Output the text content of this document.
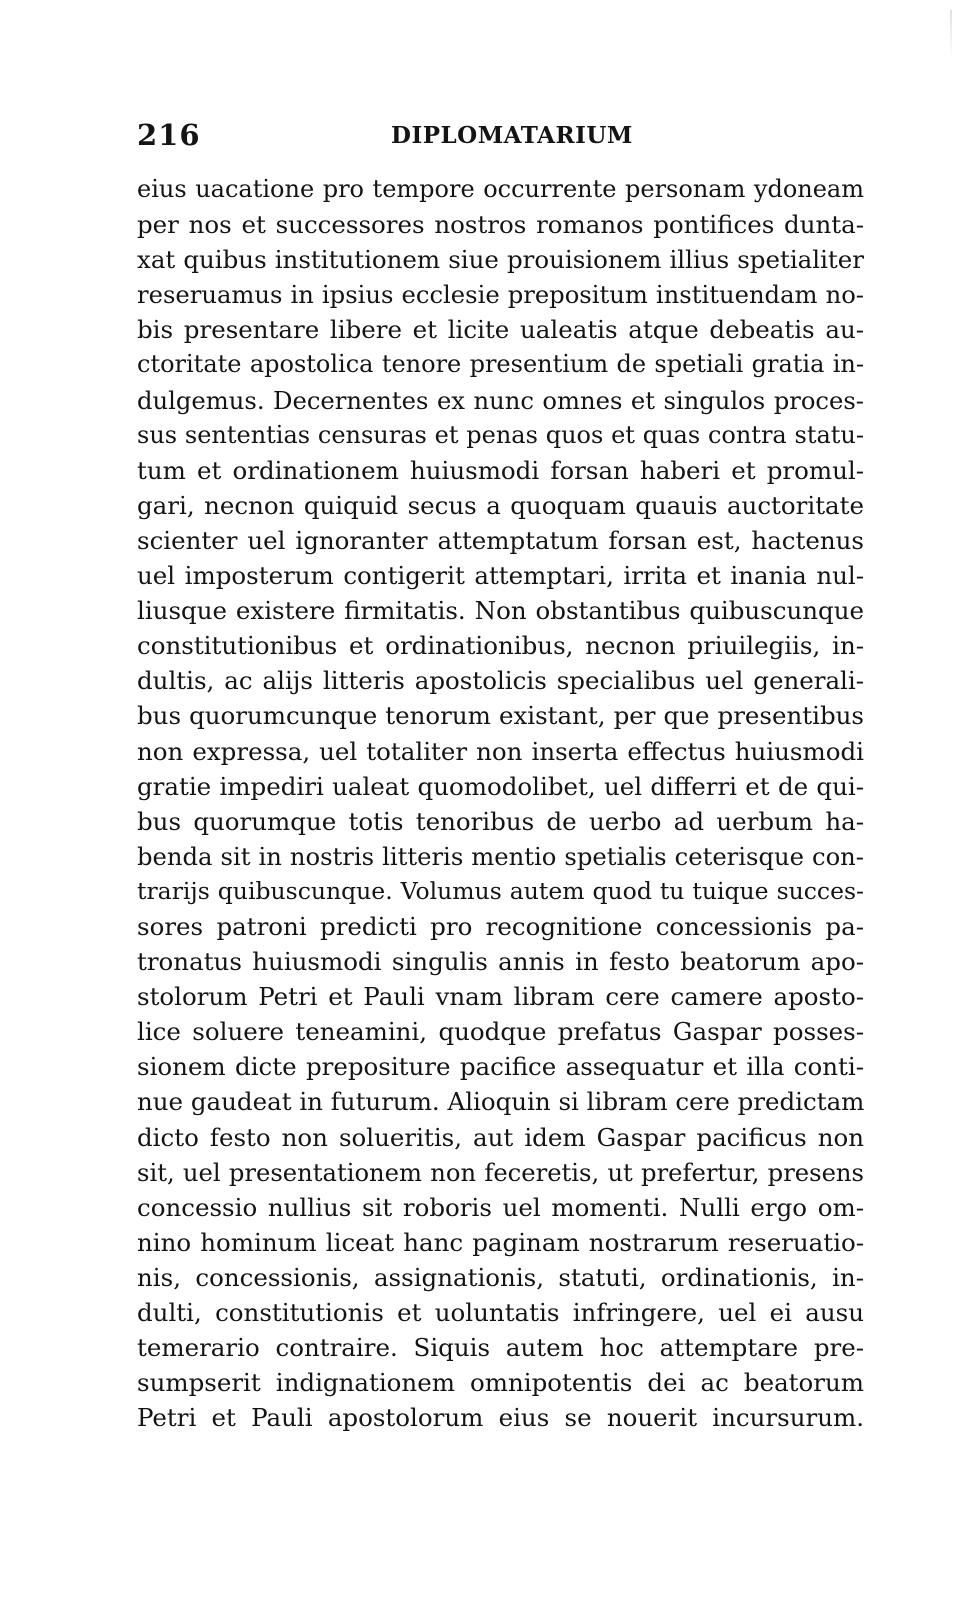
216	DIPLOMATARIUM
eius uacatione pro tempore occurrente personam ydoneam
per nos et successores nostros romanos pontifices dunta-
xat quibus institutionem siue prouisionem illius spetialiter
reseruamus in ipsius ecclesie prepositum instituendam no-
bis presentare libere et licite ualeatis atque debeatis au-
ctoritate apostolica tenore presentium de spetiali gratia in-
dulgemus. Decernentes ex nunc omnes et singulos proces-
sus sententias censuras et penas quos et quas contra statu-
tum et ordinationem huiusmodi forsan haberi et promul-
gari, necnon quiquid secus a quoquam quauis auctoritate
scienter uel ignoranter attemptatum forsan est, hactenus
uel imposterum contigerit attemptari, irrita et inania nul-
liusque existere firmitatis. Non obstantibus quibuscunque
constitutionibus et ordinationibus, necnon priuilegiis, in-
dultis, ac alijs litteris apostolicis specialibus uel generali-
bus quorumcunque tenorum existant, per que presentibus
non expressa, uel totaliter non inserta effectus huiusmodi
gratie impediri ualeat quomodolibet, uel differri et de qui-
bus quorumque totis tenoribus de uerbo ad uerbum ha-
benda sit in nostris litteris mentio spetialis ceterisque con-
trarijs quibuscunque. Volumus autem quod tu tuique succes-
sores patroni predicti pro recognitione concessionis pa-
tronatus huiusmodi singulis annis in festo beatorum apo-
stolorum Petri et Pauli vnam libram cere camere aposto-
lice soluere teneamini, quodque prefatus Gaspar posses-
sionem dicte prepositure pacifice assequatur et illa conti-
nue gaudeat in futurum. Alioquin si libram cere predictam
dicto festo non solueritis, aut idem Gaspar pacificus non
sit, uel presentationem non feceretis, ut prefertur, presens
concessio nullius sit roboris uel momenti. Nulli ergo om-
nino hominum liceat hanc paginam nostrarum reseruatio-
nis, concessionis, assignationis, statuti, ordinationis, in-
dulti, constitutionis et uoluntatis infringere, uel ei ausu
temerario contraire. Siquis autem hoc attemptare pre-
sumpserit indignationem omnipotentis dei ac beatorum
Petri et Pauli apostolorum eius se nouerit incursurum.
